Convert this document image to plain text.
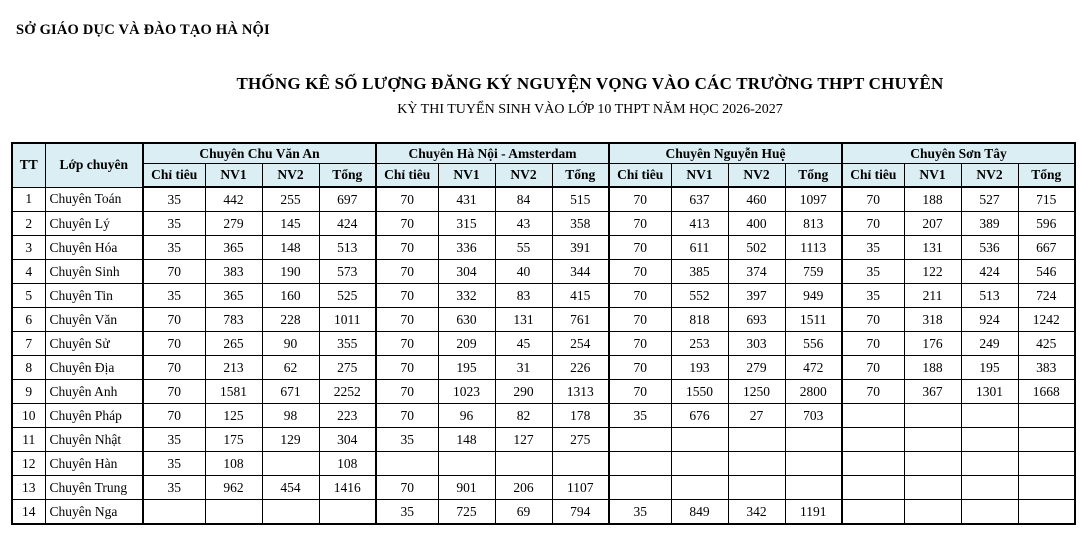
SỞ GIÁO DỤC VÀ ĐÀO TẠO HÀ NỘI
THỐNG KÊ SỐ LƯỢNG ĐĂNG KÝ NGUYỆN VỌNG VÀO CÁC TRƯỜNG THPT CHUYÊN
KỲ THI TUYỂN SINH VÀO LỚP 10 THPT NĂM HỌC 2026-2027
TT	Lớp chuyên	Chuyên Chu Văn An				Chuyên Hà Nội - Amsterdam				Chuyên Nguyễn Huệ				Chuyên Sơn Tây			
		Chỉ tiêu	NV1	NV2	Tổng	Chỉ tiêu	NV1	NV2	Tổng	Chỉ tiêu	NV1	NV2	Tổng	Chỉ tiêu	NV1	NV2	Tổng
1	Chuyên Toán	35	442	255	697	70	431	84	515	70	637	460	1097	70	188	527	715
2	Chuyên Lý	35	279	145	424	70	315	43	358	70	413	400	813	70	207	389	596
3	Chuyên Hóa	35	365	148	513	70	336	55	391	70	611	502	1113	35	131	536	667
4	Chuyên Sinh	70	383	190	573	70	304	40	344	70	385	374	759	35	122	424	546
5	Chuyên Tin	35	365	160	525	70	332	83	415	70	552	397	949	35	211	513	724
6	Chuyên Văn	70	783	228	1011	70	630	131	761	70	818	693	1511	70	318	924	1242
7	Chuyên Sử	70	265	90	355	70	209	45	254	70	253	303	556	70	176	249	425
8	Chuyên Địa	70	213	62	275	70	195	31	226	70	193	279	472	70	188	195	383
9	Chuyên Anh	70	1581	671	2252	70	1023	290	1313	70	1550	1250	2800	70	367	1301	1668
10	Chuyên Pháp	70	125	98	223	70	96	82	178	35	676	27	703				
11	Chuyên Nhật	35	175	129	304	35	148	127	275								
12	Chuyên Hàn	35	108		108												
13	Chuyên Trung	35	962	454	1416	70	901	206	1107								
14	Chuyên Nga					35	725	69	794	35	849	342	1191				
